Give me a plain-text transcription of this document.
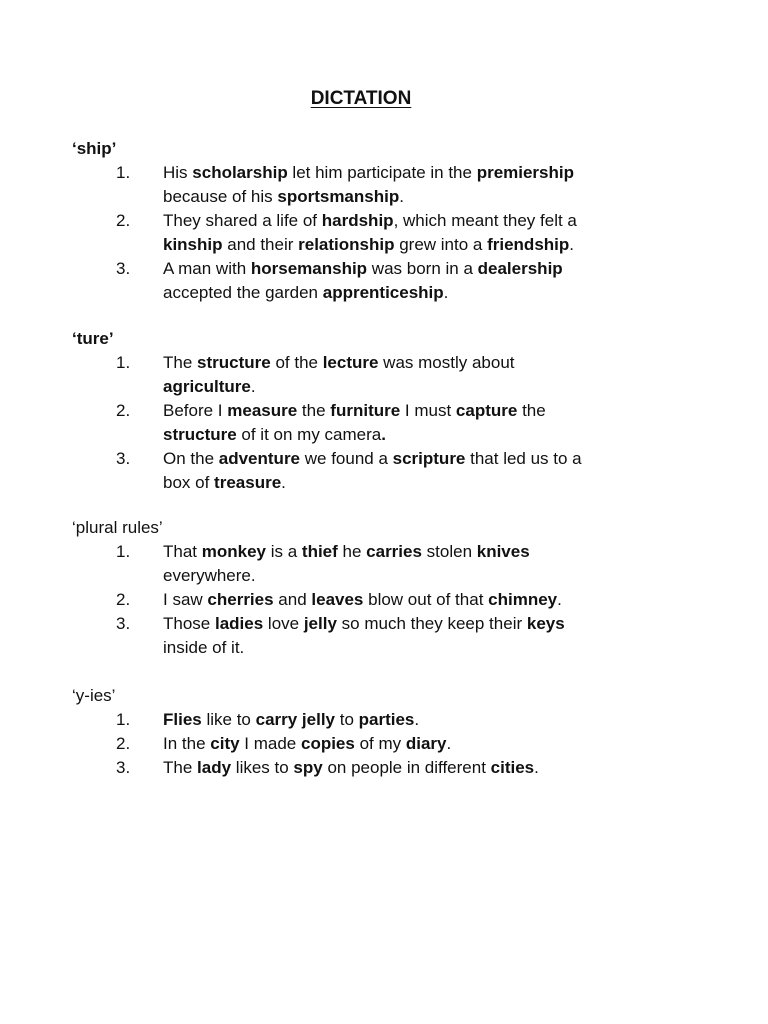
DICTATION
‘ship’
1.	His scholarship let him participate in the premiership
because of his sportsmanship.
2.	They shared a life of hardship, which meant they felt a
kinship and their relationship grew into a friendship.
3.	A man with horsemanship was born in a dealership
accepted the garden apprenticeship.
‘ture’
1.	The structure of the lecture was mostly about
agriculture.
2.	Before I measure the furniture I must capture the
structure of it on my camera.
3.	On the adventure we found a scripture that led us to a
box of treasure.
‘plural rules’
1.	That monkey is a thief he carries stolen knives
everywhere.
2.	I saw cherries and leaves blow out of that chimney.
3.	Those ladies love jelly so much they keep their keys
inside of it.
‘y-ies’
1.	Flies like to carry jelly to parties.
2.	In the city I made copies of my diary.
3.	The lady likes to spy on people in different cities.
